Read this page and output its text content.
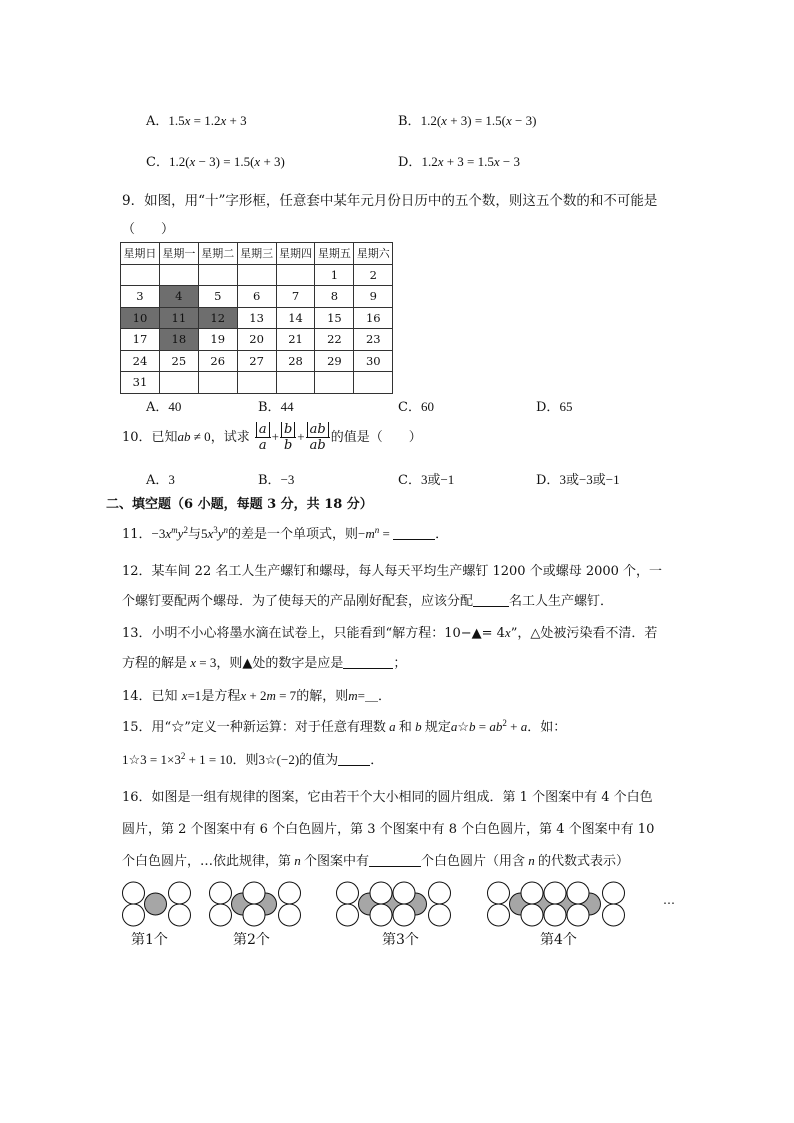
A．1.5x = 1.2x + 3	B．1.2(x + 3) = 1.5(x − 3)
C．1.2(x − 3) = 1.5(x + 3)	D．1.2x + 3 = 1.5x − 3
9．如图，用“十”字形框，任意套中某年元月份日历中的五个数，则这五个数的和不可能是
（　　）
星期日	星期一	星期二	星期三	星期四	星期五	星期六
					1	2
3	4	5	6	7	8	9
10	11	12	13	14	15	16
17	18	19	20	21	22	23
24	25	26	27	28	29	30
31						
A．40	B．44	C．60	D．65
10．已知ab ≠ 0，试求 $\frac{a}{a} + \frac{b}{b} + \frac{ab}{ab}$ 的值是（　　）
A．3	B．−3	C．3或−1	D．3或−3或−1
二、填空题（6 小题，每题 3 分，共 18 分）
11．$-3x^my^2$与$5x^3y^n$的差是一个单项式，则$-m^n$ =	．
12．某车间 22 名工人生产螺钉和螺母，每人每天平均生产螺钉 1200 个或螺母 2000 个，一
个螺钉要配两个螺母．为了使每天的产品刚好配套，应该分配	名工人生产螺钉．
13．小明不小心将墨水滴在试卷上，只能看到“解方程：10−▲= 4x”，△处被污染看不清．若
方程的解是 x = 3，则▲处的数字是应是	；
14．已知 x=1是方程x + 2m = 7的解，则m=＿．
15．用“☆”定义一种新运算：对于任意有理数 a 和 b 规定a☆b = $ab^2 + a$．如：
1☆3 = $1\times 3^2 + 1 = 10$．则3☆(−2)的值为 ．
16．如图是一组有规律的图案，它由若干个大小相同的圆片组成．第 1 个图案中有 4 个白色
圆片，第 2 个图案中有 6 个白色圆片，第 3 个图案中有 8 个白色圆片，第 4 个图案中有 10
个白色圆片，…依此规律，第 n 个图案中有	个白色圆片（用含 n 的代数式表示）
…
第1个	第2个	第3个	第4个
